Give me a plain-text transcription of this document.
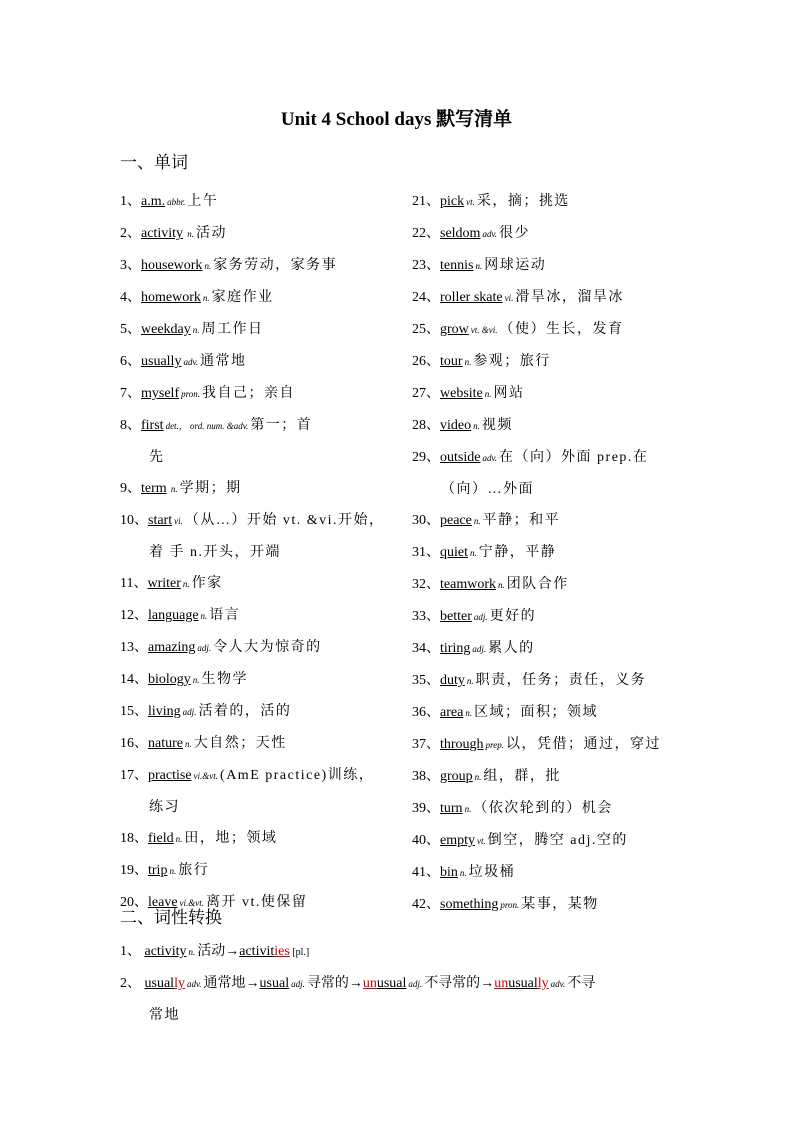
Unit 4 School days 默写清单
一、单词
1、a.m. abbr. 上午
2、activity n. 活动
3、housework n. 家务劳动，家务事
4、homework n. 家庭作业
5、weekday n. 周工作日
6、usually adv. 通常地
7、myself pron. 我自己；亲自
8、first det.， ord. num. &adv. 第一；首
先
9、term n. 学期；期
10、start vi. （从…）开始 vt. &vi.开始，
着 手 n.开头，开端
11、writer n. 作家
12、language n. 语言
13、amazing adj. 令人大为惊奇的
14、biology n. 生物学
15、living adj. 活着的，活的
16、nature n. 大自然；天性
17、practise vi.&vt. (AmE practice)训练，
练习
18、field n. 田，地；领域
19、trip n. 旅行
20、leave vi.&vt. 离开 vt.使保留
21、pick vt. 采，摘；挑选
22、seldom adv. 很少
23、tennis n. 网球运动
24、roller skate vi. 滑旱冰，溜旱冰
25、grow vt. &vi. （使）生长，发育
26、tour n. 参观；旅行
27、website n. 网站
28、video n. 视频
29、outside adv. 在（向）外面 prep.在
（向）…外面
30、peace n. 平静；和平
31、quiet n. 宁静，平静
32、teamwork n. 团队合作
33、better adj. 更好的
34、tiring adj. 累人的
35、duty n. 职责，任务；责任，义务
36、area n. 区域；面积；领域
37、through prep. 以，凭借；通过，穿过
38、group n. 组，群，批
39、turn n. （依次轮到的）机会
40、empty vt. 倒空，腾空 adj.空的
41、bin n. 垃圾桶
42、something pron. 某事，某物
二、词性转换
1、 activity n. 活动→activities [pl.]
2、 usually adv. 通常地→usual adj. 寻常的→unusual adj. 不寻常的→unusually adv. 不寻
常地
